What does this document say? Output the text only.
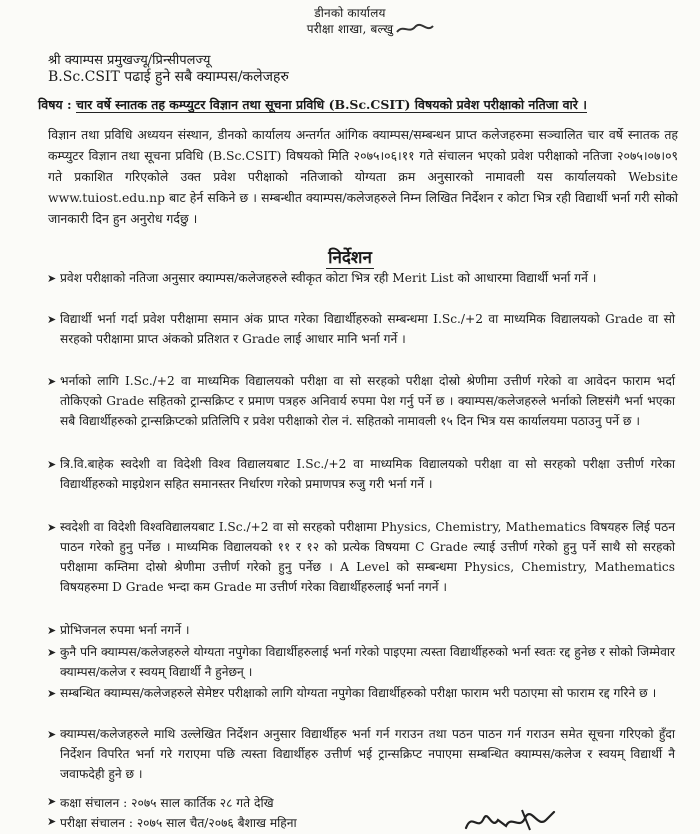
डीनको कार्यालय
परीक्षा शाखा, बल्खु
श्री क्याम्पस प्रमुखज्यू/प्रिन्सीपलज्यू
B.Sc.CSIT पढाई हुने सबै क्याम्पस/कलेजहरु
विषय : चार वर्षे स्नातक तह कम्प्युटर विज्ञान तथा सूचना प्रविधि (B.Sc.CSIT) विषयको प्रवेश परीक्षाको नतिजा वारे ।
विज्ञान तथा प्रविधि अध्ययन संस्थान, डीनको कार्यालय अन्तर्गत आंगिक क्याम्पस/सम्बन्धन प्राप्त कलेजहरुमा सञ्चालित चार वर्षे स्नातक तह कम्प्युटर विज्ञान तथा सूचना प्रविधि (B.Sc.CSIT) विषयको मिति २०७५।०६।११ गते संचालन भएको प्रवेश परीक्षाको नतिजा २०७५।०७।०९ गते प्रकाशित गरिएकोले उक्त प्रवेश परीक्षाको नतिजाको योग्यता क्रम अनुसारको नामावली यस कार्यालयको Website www.tuiost.edu.np बाट हेर्न सकिने छ । सम्बन्धीत क्याम्पस/कलेजहरुले निम्न लिखित निर्देशन र कोटा भित्र रही विद्यार्थी भर्ना गरी सोको जानकारी दिन हुन अनुरोध गर्दछु ।
निर्देशन
➤ प्रवेश परीक्षाको नतिजा अनुसार क्याम्पस/कलेजहरुले स्वीकृत कोटा भित्र रही Merit List को आधारमा विद्यार्थी भर्ना गर्ने ।
➤ विद्यार्थी भर्ना गर्दा प्रवेश परीक्षामा समान अंक प्राप्त गरेका विद्यार्थीहरुको सम्बन्धमा I.Sc./+2 वा माध्यमिक विद्यालयको Grade वा सो सरहको परीक्षामा प्राप्त अंकको प्रतिशत र Grade लाई आधार मानि भर्ना गर्ने ।
➤ भर्नाको लागि I.Sc./+2 वा माध्यमिक विद्यालयको परीक्षा वा सो सरहको परीक्षा दोस्रो श्रेणीमा उत्तीर्ण गरेको वा आवेदन फाराम भर्दा तोकिएको Grade सहितको ट्रान्सक्रिप्ट र प्रमाण पत्रहरु अनिवार्य रुपमा पेश गर्नु पर्ने छ । क्याम्पस/कलेजहरुले भर्नाको लिष्टसंगै भर्ना भएका सबै विद्यार्थीहरुको ट्रान्सक्रिप्टको प्रतिलिपि र प्रवेश परीक्षाको रोल नं. सहितको नामावली १५ दिन भित्र यस कार्यालयमा पठाउनु पर्ने छ ।
➤ त्रि.वि.बाहेक स्वदेशी वा विदेशी विश्व विद्यालयबाट I.Sc./+2 वा माध्यमिक विद्यालयको परीक्षा वा सो सरहको परीक्षा उत्तीर्ण गरेका विद्यार्थीहरुको माइग्रेशन सहित समानस्तर निर्धारण गरेको प्रमाणपत्र रुजु गरी भर्ना गर्ने ।
➤ स्वदेशी वा विदेशी विश्वविद्यालयबाट I.Sc./+2 वा सो सरहको परीक्षामा Physics, Chemistry, Mathematics विषयहरु लिई पठन पाठन गरेको हुनु पर्नेछ । माध्यमिक विद्यालयको ११ र १२ को प्रत्येक विषयमा C Grade ल्याई उत्तीर्ण गरेको हुनु पर्ने साथै सो सरहको परीक्षामा कम्तिमा दोस्रो श्रेणीमा उत्तीर्ण गरेको हुनु पर्नेछ । A Level को सम्बन्धमा Physics, Chemistry, Mathematics विषयहरुमा D Grade भन्दा कम Grade मा उत्तीर्ण गरेका विद्यार्थीहरुलाई भर्ना नगर्ने ।
➤ प्रोभिजनल रुपमा भर्ना नगर्ने ।
➤ कुनै पनि क्याम्पस/कलेजहरुले योग्यता नपुगेका विद्यार्थीहरुलाई भर्ना गरेको पाइएमा त्यस्ता विद्यार्थीहरुको भर्ना स्वतः रद्द हुनेछ र सोको जिम्मेवार क्याम्पस/कलेज र स्वयम् विद्यार्थी नै हुनेछन् ।
➤ सम्बन्धित क्याम्पस/कलेजहरुले सेमेष्टर परीक्षाको लागि योग्यता नपुगेका विद्यार्थीहरुको परीक्षा फाराम भरी पठाएमा सो फाराम रद्द गरिने छ ।
➤ क्याम्पस/कलेजहरुले माथि उल्लेखित निर्देशन अनुसार विद्यार्थीहरु भर्ना गर्न गराउन तथा पठन पाठन गर्न गराउन समेत सूचना गरिएको हुँदा निर्देशन विपरित भर्ना गरे गराएमा पछि त्यस्ता विद्यार्थीहरु उत्तीर्ण भई ट्रान्सक्रिप्ट नपाएमा सम्बन्धित क्याम्पस/कलेज र स्वयम् विद्यार्थी नै जवाफदेही हुने छ ।
➤ कक्षा संचालन : २०७५ साल कार्तिक २८ गते देखि
➤ परीक्षा संचालन : २०७५ साल चैत/२०७६ बैशाख महिना
